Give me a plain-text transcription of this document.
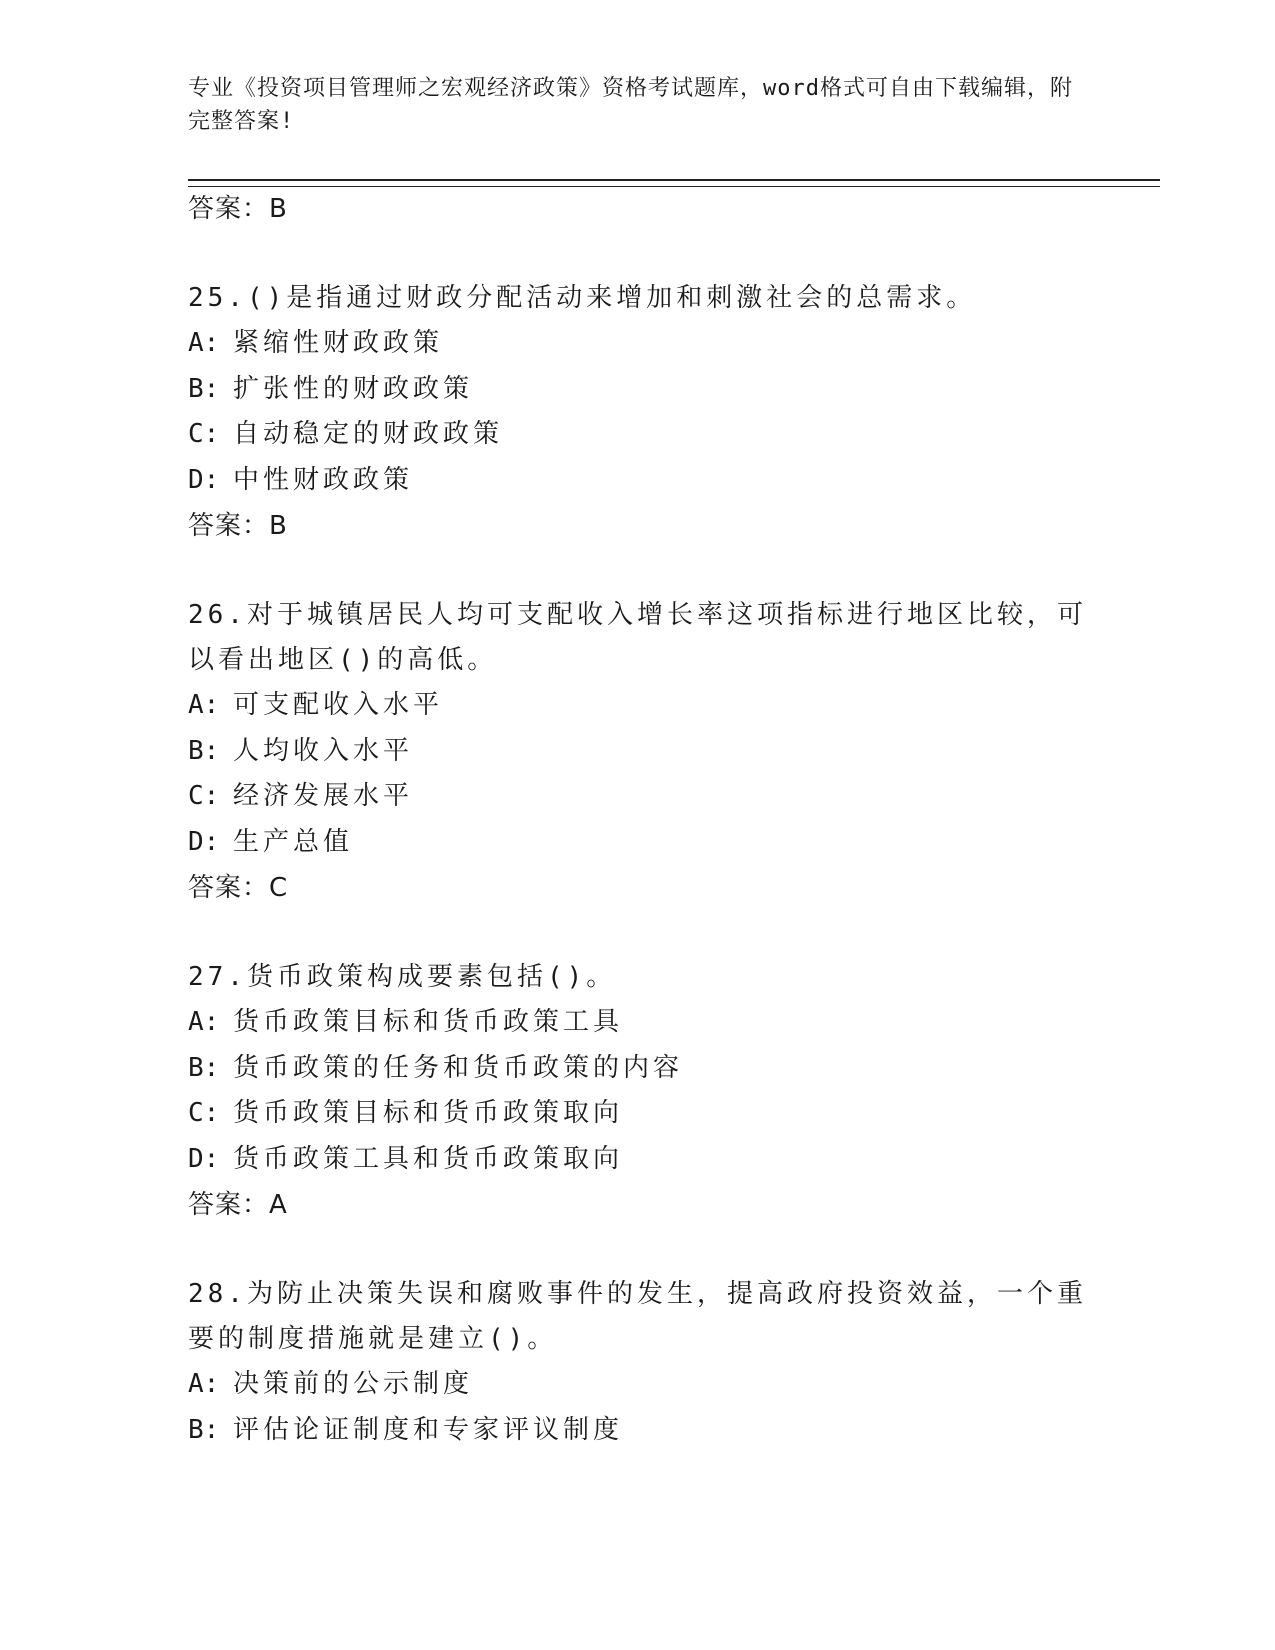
专业《投资项目管理师之宏观经济政策》资格考试题库，word格式可自由下载编辑，附完整答案!
答案：B
25.()是指通过财政分配活动来增加和刺激社会的总需求。
A: 紧缩性财政政策
B: 扩张性的财政政策
C: 自动稳定的财政政策
D: 中性财政政策
答案：B
26.对于城镇居民人均可支配收入增长率这项指标进行地区比较，可以看出地区()的高低。
A: 可支配收入水平
B: 人均收入水平
C: 经济发展水平
D: 生产总值
答案：C
27.货币政策构成要素包括()。
A: 货币政策目标和货币政策工具
B: 货币政策的任务和货币政策的内容
C: 货币政策目标和货币政策取向
D: 货币政策工具和货币政策取向
答案：A
28.为防止决策失误和腐败事件的发生，提高政府投资效益，一个重要的制度措施就是建立()。
A: 决策前的公示制度
B: 评估论证制度和专家评议制度
